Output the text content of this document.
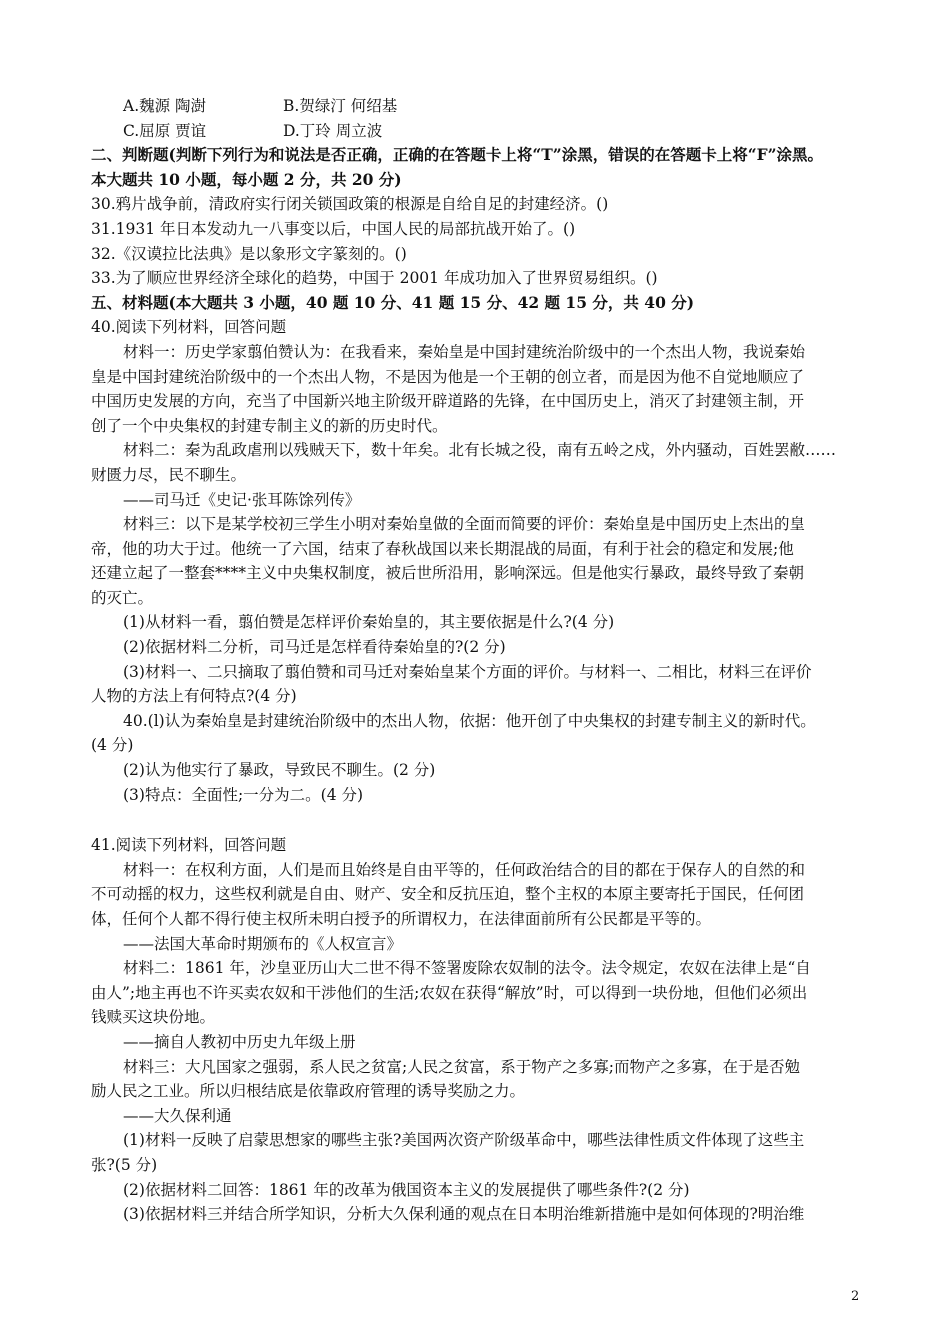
A.魏源 陶澍	B.贺绿汀 何绍基
C.屈原 贾谊	D.丁玲 周立波
二、判断题(判断下列行为和说法是否正确，正确的在答题卡上将“T”涂黑，错误的在答题卡上将“F”涂黑。
本大题共 10 小题，每小题 2 分，共 20 分)
30.鸦片战争前，清政府实行闭关锁国政策的根源是自给自足的封建经济。()
31.1931 年日本发动九一八事变以后，中国人民的局部抗战开始了。()
32.《汉谟拉比法典》是以象形文字篆刻的。()
33.为了顺应世界经济全球化的趋势，中国于 2001 年成功加入了世界贸易组织。()
五、材料题(本大题共 3 小题，40 题 10 分、41 题 15 分、42 题 15 分，共 40 分)
40.阅读下列材料，回答问题
材料一：历史学家翦伯赞认为：在我看来，秦始皇是中国封建统治阶级中的一个杰出人物，我说秦始
皇是中国封建统治阶级中的一个杰出人物，不是因为他是一个王朝的创立者，而是因为他不自觉地顺应了
中国历史发展的方向，充当了中国新兴地主阶级开辟道路的先锋，在中国历史上，消灭了封建领主制，开
创了一个中央集权的封建专制主义的新的历史时代。
材料二：秦为乱政虐刑以残贼天下，数十年矣。北有长城之役，南有五岭之戍，外内骚动，百姓罢敝……
财匮力尽，民不聊生。
——司马迁《史记·张耳陈馀列传》
材料三：以下是某学校初三学生小明对秦始皇做的全面而简要的评价：秦始皇是中国历史上杰出的皇
帝，他的功大于过。他统一了六国，结束了春秋战国以来长期混战的局面，有利于社会的稳定和发展;他
还建立起了一整套****主义中央集权制度，被后世所沿用，影响深远。但是他实行暴政，最终导致了秦朝
的灭亡。
(1)从材料一看，翦伯赞是怎样评价秦始皇的，其主要依据是什么?(4 分)
(2)依据材料二分析，司马迁是怎样看待秦始皇的?(2 分)
(3)材料一、二只摘取了翦伯赞和司马迁对秦始皇某个方面的评价。与材料一、二相比，材料三在评价
人物的方法上有何特点?(4 分)
40.(l)认为秦始皇是封建统治阶级中的杰出人物，依据：他开创了中央集权的封建专制主义的新时代。
(4 分)
(2)认为他实行了暴政，导致民不聊生。(2 分)
(3)特点：全面性;一分为二。(4 分)
41.阅读下列材料，回答问题
材料一：在权利方面，人们是而且始终是自由平等的，任何政治结合的目的都在于保存人的自然的和
不可动摇的权力，这些权利就是自由、财产、安全和反抗压迫，整个主权的本原主要寄托于国民，任何团
体，任何个人都不得行使主权所未明白授予的所谓权力，在法律面前所有公民都是平等的。
——法国大革命时期颁布的《人权宣言》
材料二：1861 年，沙皇亚历山大二世不得不签署废除农奴制的法令。法令规定，农奴在法律上是“自
由人”;地主再也不许买卖农奴和干涉他们的生活;农奴在获得“解放”时，可以得到一块份地，但他们必须出
钱赎买这块份地。
——摘自人教初中历史九年级上册
材料三：大凡国家之强弱，系人民之贫富;人民之贫富，系于物产之多寡;而物产之多寡，在于是否勉
励人民之工业。所以归根结底是依靠政府管理的诱导奖励之力。
——大久保利通
(1)材料一反映了启蒙思想家的哪些主张?美国两次资产阶级革命中，哪些法律性质文件体现了这些主
张?(5 分)
(2)依据材料二回答：1861 年的改革为俄国资本主义的发展提供了哪些条件?(2 分)
(3)依据材料三并结合所学知识，分析大久保利通的观点在日本明治维新措施中是如何体现的?明治维
2
